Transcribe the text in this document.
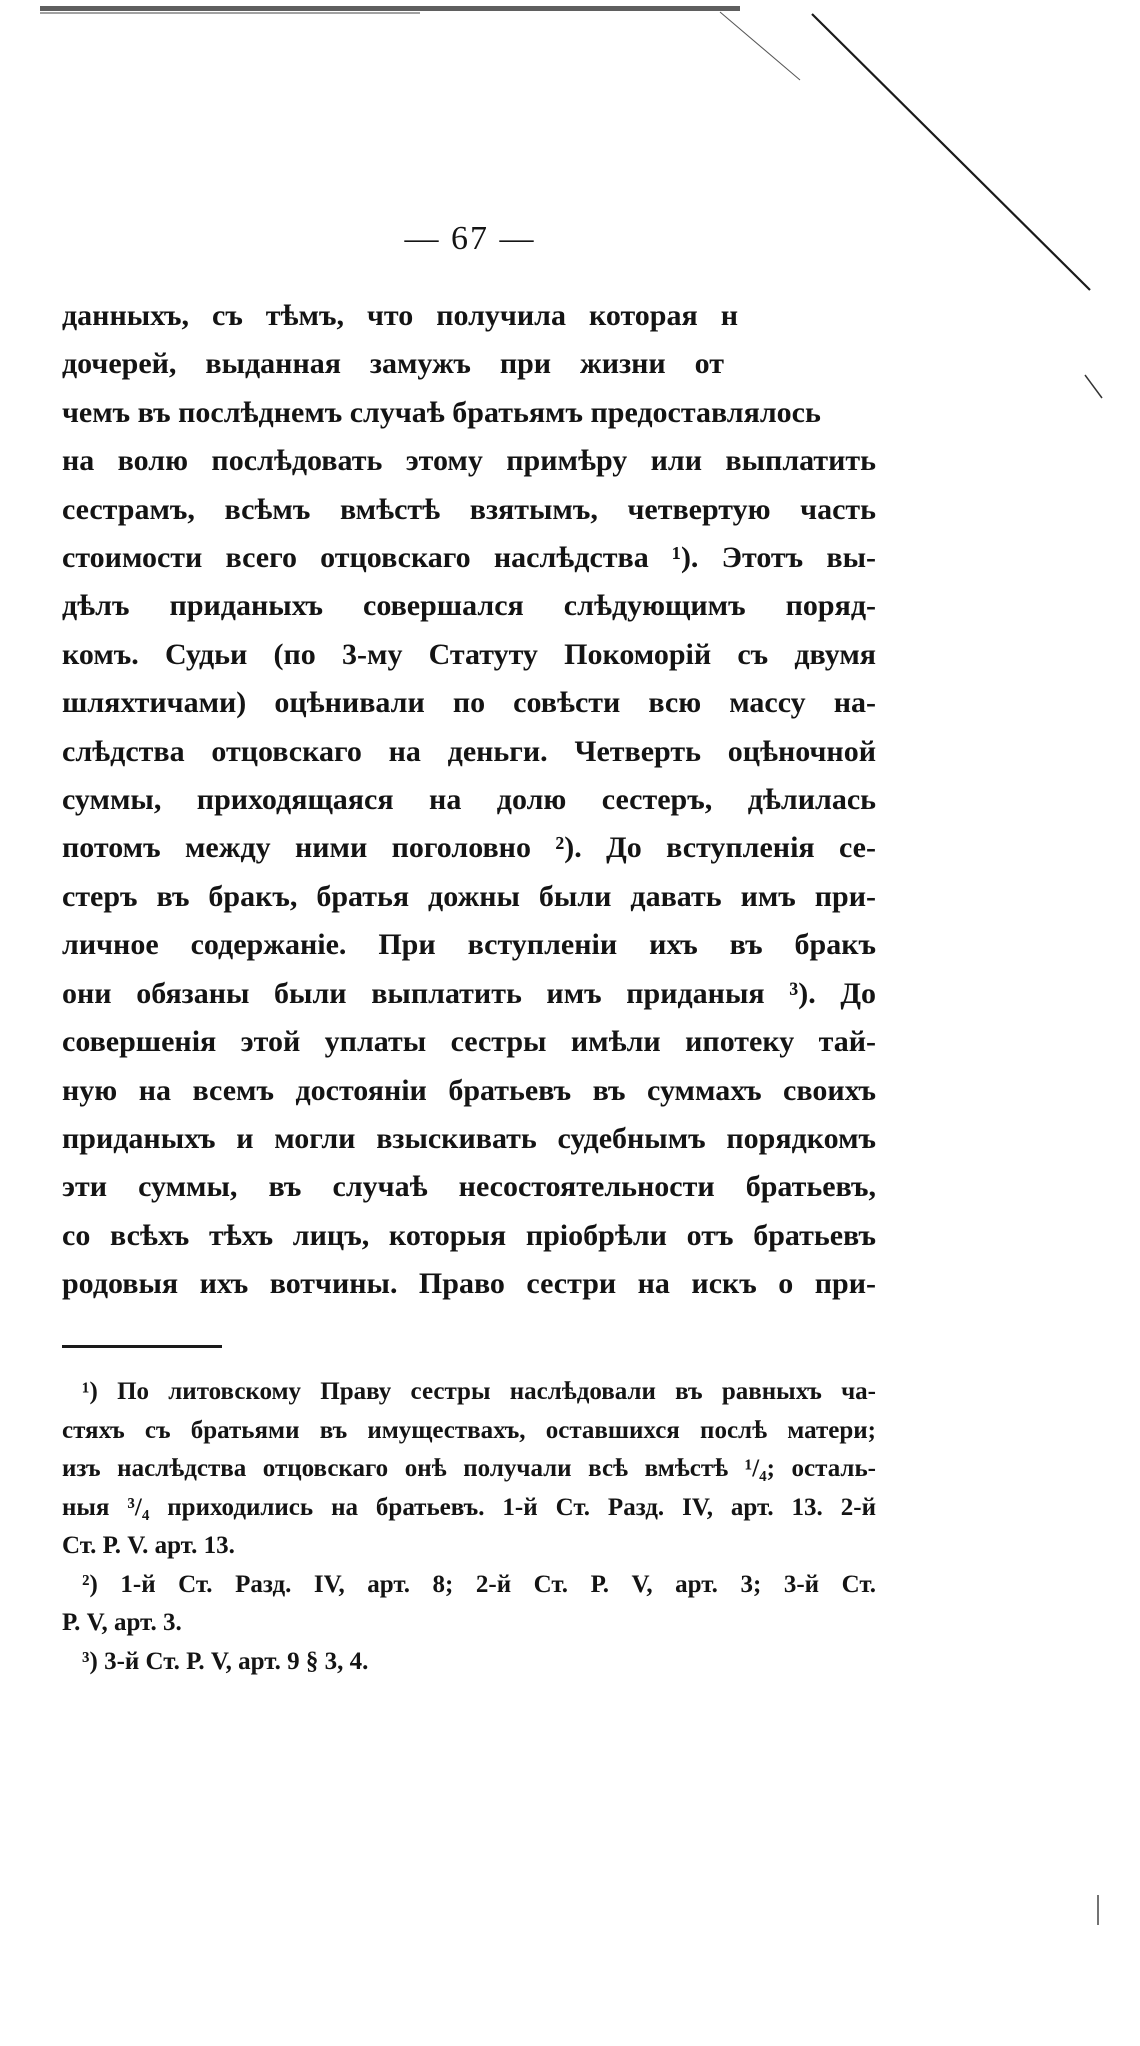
— 67 —
данныхъ, съ тѣмъ, что получила которая н
дочерей, выданная замужъ при жизни от
чемъ въ послѣднемъ случаѣ братьямъ предоставлялось
на волю послѣдовать этому примѣру или выплатить
сестрамъ, всѣмъ вмѣстѣ взятымъ, четвертую часть
стоимости всего отцовскаго наслѣдства ¹). Этотъ вы-
дѣлъ приданыхъ совершался слѣдующимъ поряд-
комъ. Судьи (по 3-му Статуту Покоморій съ двумя
шляхтичами) оцѣнивали по совѣсти всю массу на-
слѣдства отцовскаго на деньги. Четверть оцѣночной
суммы, приходящаяся на долю сестеръ, дѣлилась
потомъ между ними поголовно ²). До вступленія се-
стеръ въ бракъ, братья дожны были давать имъ при-
личное содержаніе. При вступленіи ихъ въ бракъ
они обязаны были выплатить имъ приданыя ³). До
совершенія этой уплаты сестры имѣли ипотеку тай-
ную на всемъ достояніи братьевъ въ суммахъ своихъ
приданыхъ и могли взыскивать судебнымъ порядкомъ
эти суммы, въ случаѣ несостоятельности братьевъ,
со всѣхъ тѣхъ лицъ, которыя пріобрѣли отъ братьевъ
родовыя ихъ вотчины. Право сестри на искъ о при-
¹) По литовскому Праву сестры наслѣдовали въ равныхъ ча-
стяхъ съ братьями въ имуществахъ, оставшихся послѣ матери;
изъ наслѣдства отцовскаго онѣ получали всѣ вмѣстѣ ¹/₄; осталь-
ныя ³/₄ приходились на братьевъ. 1-й Ст. Разд. IV, арт. 13. 2-й
Ст. Р. V. арт. 13.
²) 1-й Ст. Разд. IV, арт. 8; 2-й Ст. Р. V, арт. 3; 3-й Ст.
Р. V, арт. 3.
³) 3-й Ст. Р. V, арт. 9 § 3, 4.
